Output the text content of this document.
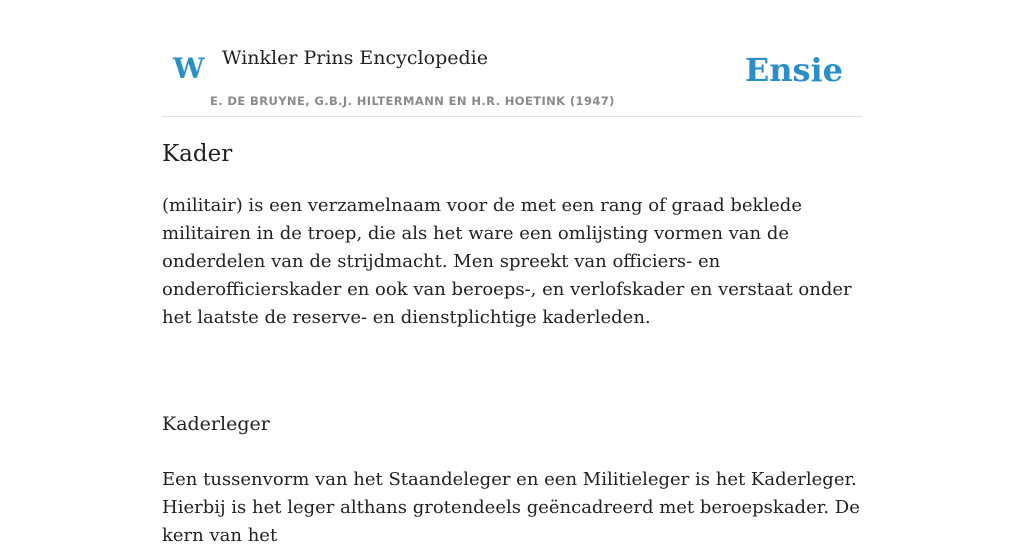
W Winkler Prins Encyclopedie
E. DE BRUYNE, G.B.J. HILTERMANN EN H.R. HOETINK (1947)
Ensie
Kader

(militair) is een verzamelnaam voor de met een rang of graad beklede militairen in de troep, die als het ware een omlijsting vormen van de onderdelen van de strijdmacht. Men spreekt van officiers- en onderofficierskader en ook van beroeps-, en verlofskader en verstaat onder het laatste de reserve- en dienstplichtige kaderleden.

Kaderleger

Een tussenvorm van het Staandeleger en een Militieleger is het Kaderleger. Hierbij is het leger althans grotendeels geëncadreerd met beroepskader. De kern van het
